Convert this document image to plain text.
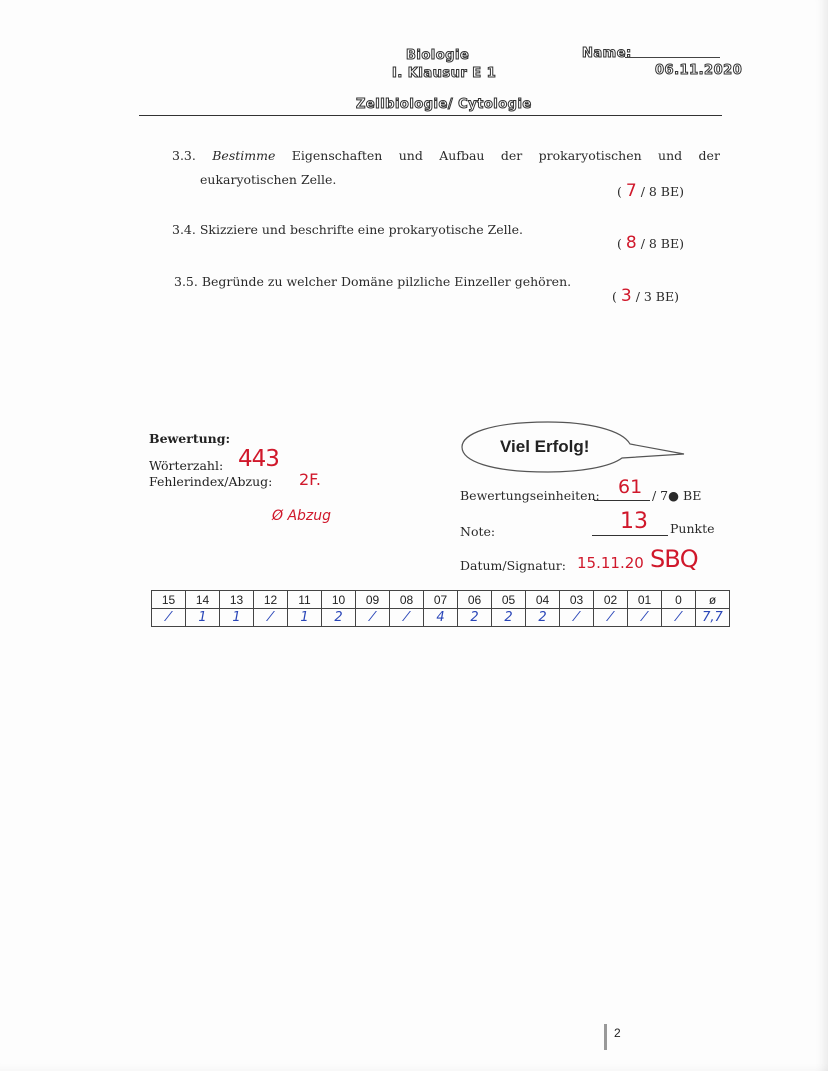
Biologie
I. Klausur E 1
Name:
06.11.2020
Zellbiologie/ Cytologie
3.3. Bestimme Eigenschaften und Aufbau der prokaryotischen und der
eukaryotischen Zelle.
( 7 / 8 BE)
3.4. Skizziere und beschrifte eine prokaryotische Zelle.
( 8 / 8 BE)
3.5. Begründe zu welcher Domäne pilzliche Einzeller gehören.
( 3 / 3 BE)
Bewertung:
Wörterzahl: 443
Fehlerindex/Abzug: 2F.
Ø Abzug
Viel Erfolg!
Bewertungseinheiten: 61 / 7● BE
Note:	13 Punkte
Datum/Signatur: 15.11.20 SBQ
15	14	13	12	11	10	09	08	07	06	05	04	03	02	01	0	ø
⁄	1	1	⁄	1	2	⁄	⁄	4	2	2	2	⁄	⁄	⁄	⁄	7,7
2
